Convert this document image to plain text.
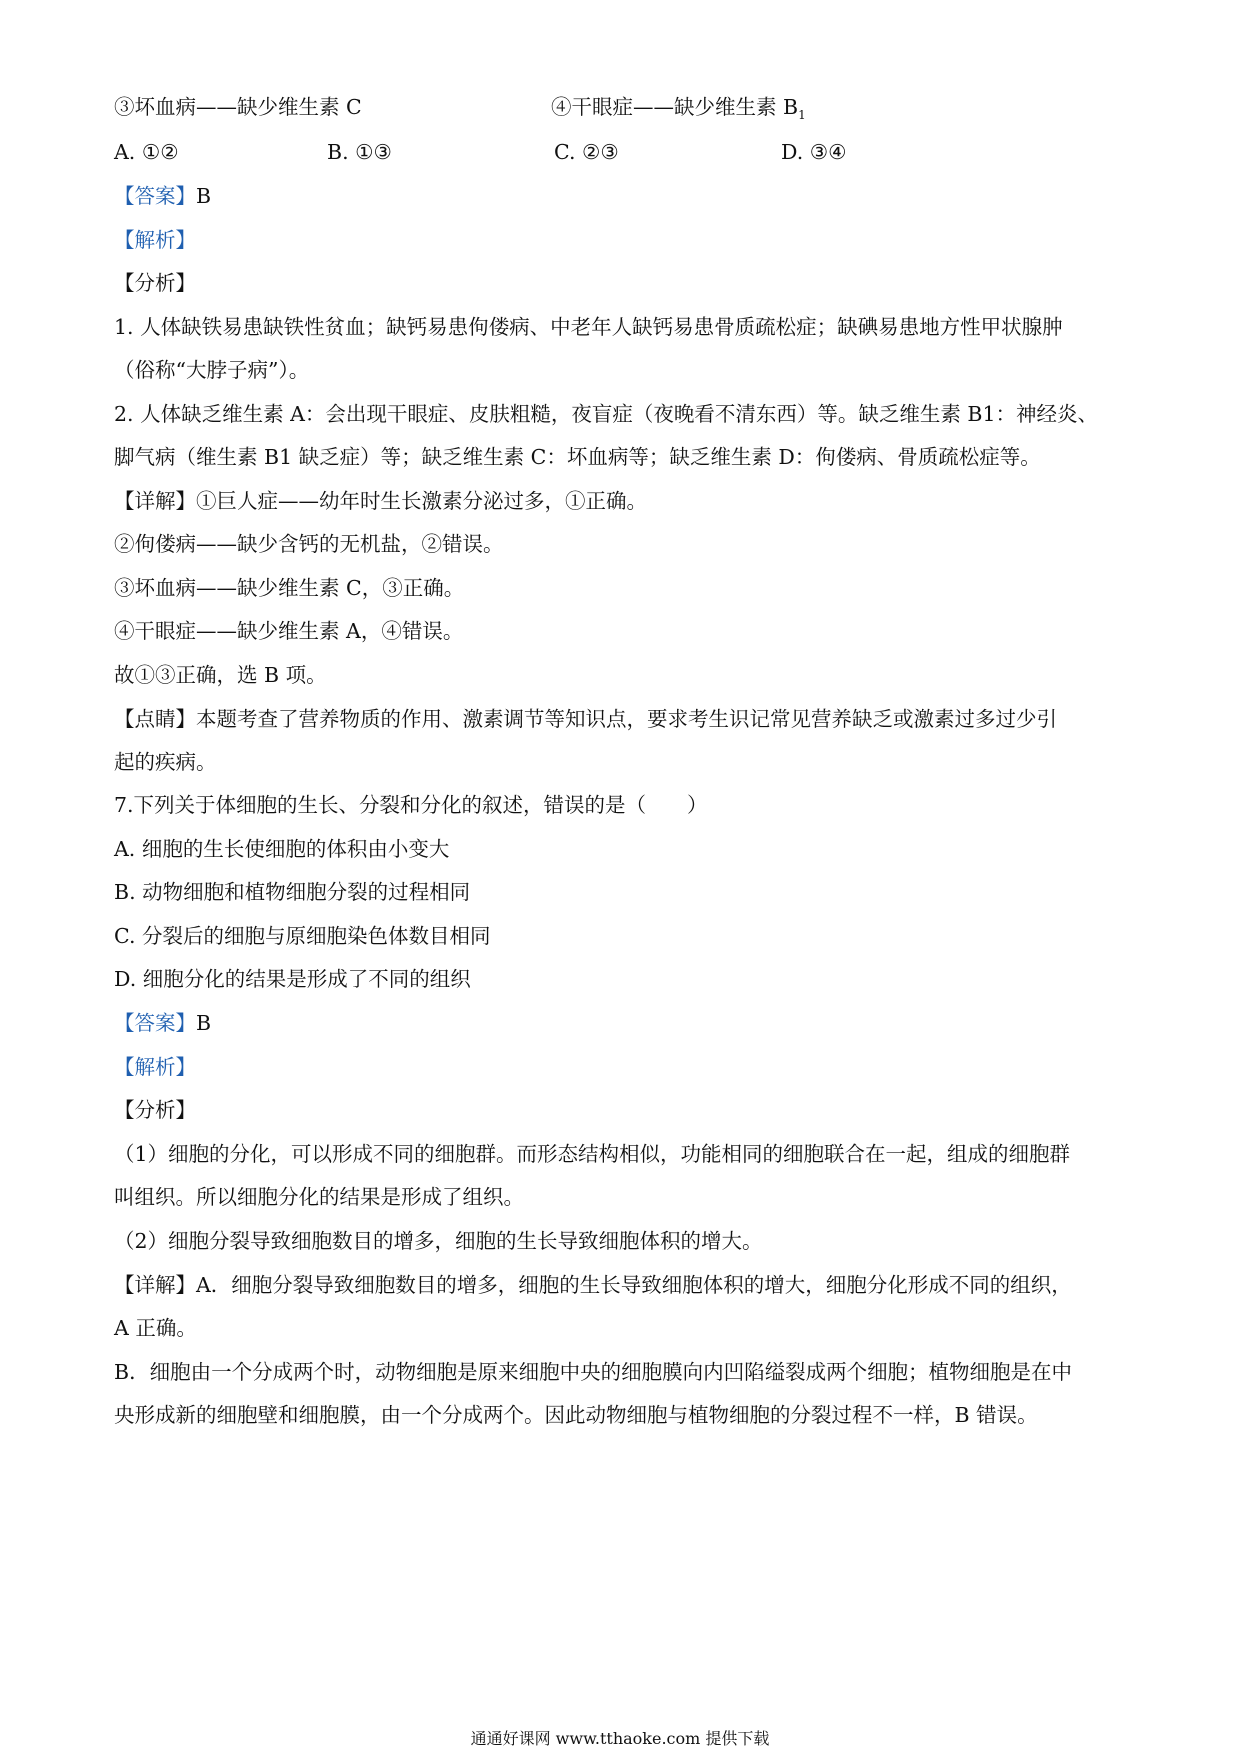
③坏血病——缺少维生素 C	④干眼症——缺少维生素 $B_1$
A. ①②	B. ①③	C. ②③	D. ③④
【答案】B
【解析】
【分析】
1. 人体缺铁易患缺铁性贫血；缺钙易患佝偻病、中老年人缺钙易患骨质疏松症；缺碘易患地方性甲状腺肿
（俗称“大脖子病”）。
2. 人体缺乏维生素 A：会出现干眼症、皮肤粗糙，夜盲症（夜晚看不清东西）等。缺乏维生素 B1：神经炎、
脚气病（维生素 B1 缺乏症）等；缺乏维生素 C：坏血病等；缺乏维生素 D：佝偻病、骨质疏松症等。
【详解】①巨人症——幼年时生长激素分泌过多，①正确。
②佝偻病——缺少含钙的无机盐，②错误。
③坏血病——缺少维生素 C，③正确。
④干眼症——缺少维生素 A，④错误。
故①③正确，选 B 项。
【点睛】本题考查了营养物质的作用、激素调节等知识点，要求考生识记常见营养缺乏或激素过多过少引
起的疾病。
7.下列关于体细胞的生长、分裂和分化的叙述，错误的是（　　）
A. 细胞的生长使细胞的体积由小变大
B. 动物细胞和植物细胞分裂的过程相同
C. 分裂后的细胞与原细胞染色体数目相同
D. 细胞分化的结果是形成了不同的组织
【答案】B
【解析】
【分析】
（1）细胞的分化，可以形成不同的细胞群。而形态结构相似，功能相同的细胞联合在一起，组成的细胞群
叫组织。所以细胞分化的结果是形成了组织。
（2）细胞分裂导致细胞数目的增多，细胞的生长导致细胞体积的增大。
【详解】A．细胞分裂导致细胞数目的增多，细胞的生长导致细胞体积的增大，细胞分化形成不同的组织，
A 正确。
B．细胞由一个分成两个时，动物细胞是原来细胞中央的细胞膜向内凹陷缢裂成两个细胞；植物细胞是在中
央形成新的细胞壁和细胞膜，由一个分成两个。因此动物细胞与植物细胞的分裂过程不一样，B 错误。
通通好课网 www.tthaoke.com 提供下载
